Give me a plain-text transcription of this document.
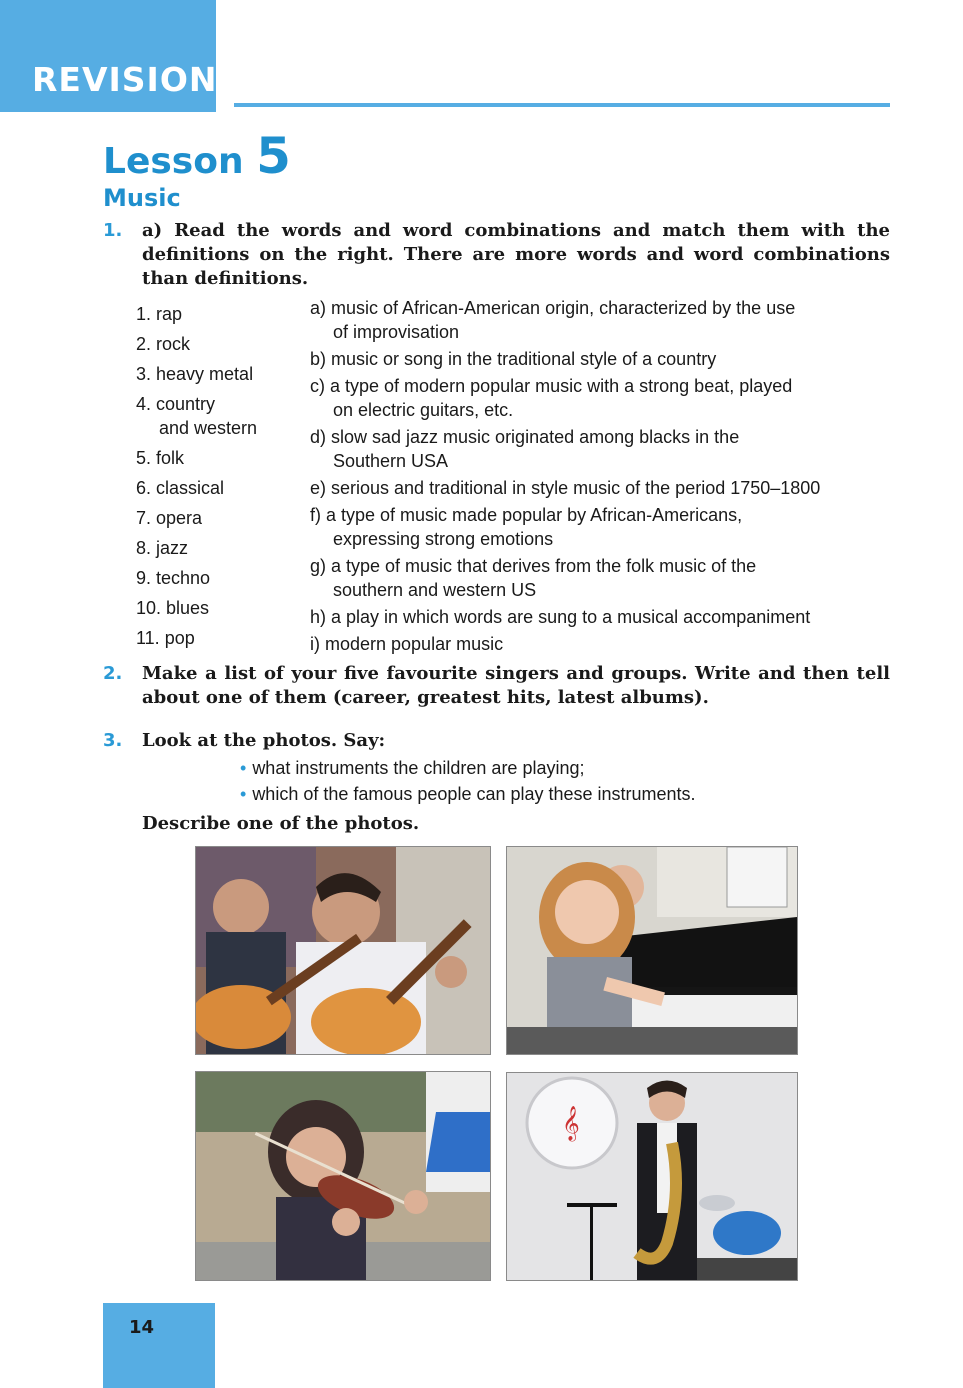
REVISION
Lesson 5
Music
1. a) Read the words and word combinations and match them with the definitions on the right. There are more words and word combinations than definitions.

1. rap
2. rock
3. heavy metal
4. country
and western
5. folk
6. classical
7. opera
8. jazz
9. techno
10. blues
11. pop
a) music of African-American origin, characterized by the use
of improvisation
b) music or song in the traditional style of a country
c) a type of modern popular music with a strong beat, played
on electric guitars, etc.
d) slow sad jazz music originated among blacks in the
Southern USA
e) serious and traditional in style music of the period 1750–1800
f) a type of music made popular by African-Americans,
expressing strong emotions
g) a type of music that derives from the folk music of the
southern and western US
h) a play in which words are sung to a musical accompaniment
i) modern popular music
2. Make a list of your five favourite singers and groups. Write and then tell about one of them (career, greatest hits, latest albums).

3. Look at the photos. Say:

• what instruments the children are playing;
• which of the famous people can play these instruments.

Describe one of the photos.

𝄞
14
